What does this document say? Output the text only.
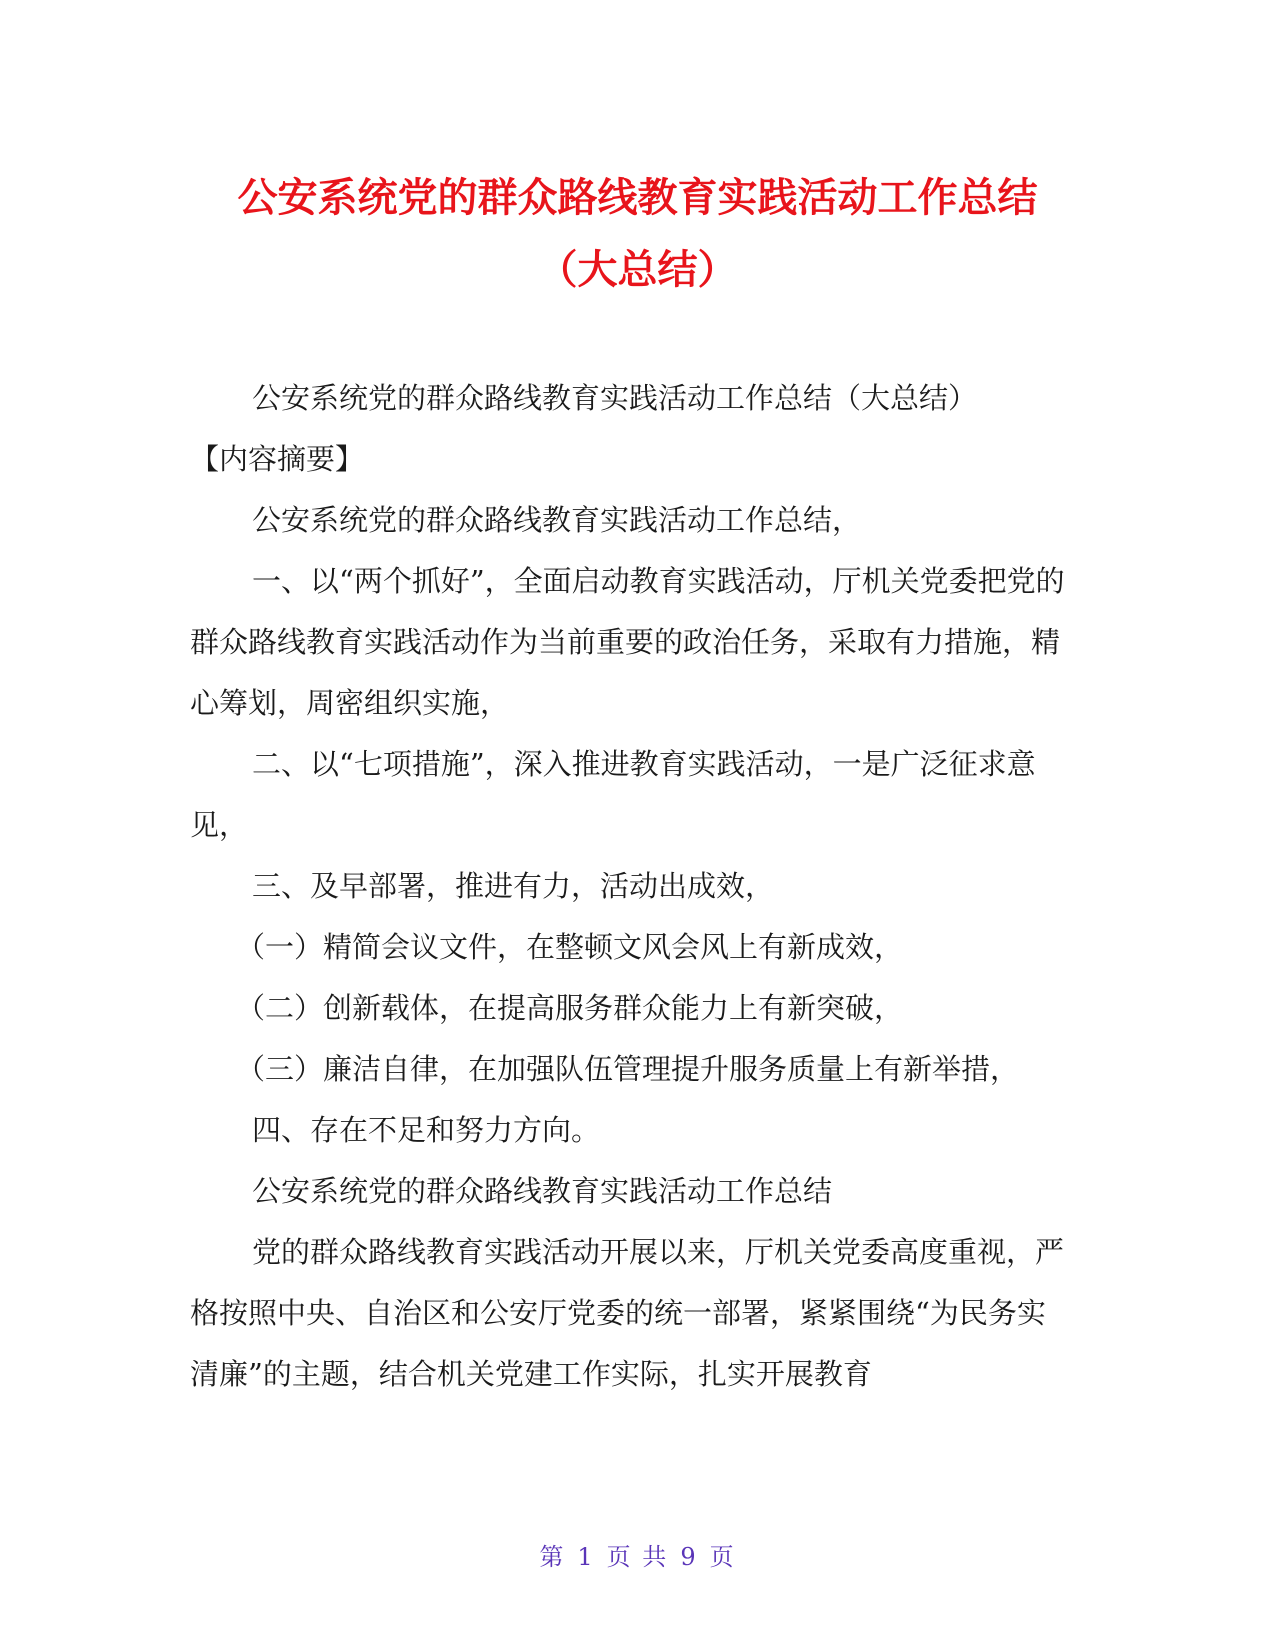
公安系统党的群众路线教育实践活动工作总结
（大总结）

公安系统党的群众路线教育实践活动工作总结（大总结）

【内容摘要】

公安系统党的群众路线教育实践活动工作总结，

一、以“两个抓好”，全面启动教育实践活动，厅机关党委把党的群众路线教育实践活动作为当前重要的政治任务，采取有力措施，精心筹划，周密组织实施，

二、以“七项措施”，深入推进教育实践活动，一是广泛征求意见，

三、及早部署，推进有力，活动出成效，

（一）精简会议文件，在整顿文风会风上有新成效，

（二）创新载体，在提高服务群众能力上有新突破，

（三）廉洁自律，在加强队伍管理提升服务质量上有新举措，

四、存在不足和努力方向。

公安系统党的群众路线教育实践活动工作总结

党的群众路线教育实践活动开展以来，厅机关党委高度重视，严格按照中央、自治区和公安厅党委的统一部署，紧紧围绕“为民务实清廉”的主题，结合机关党建工作实际，扎实开展教育

第 1 页 共 9 页
